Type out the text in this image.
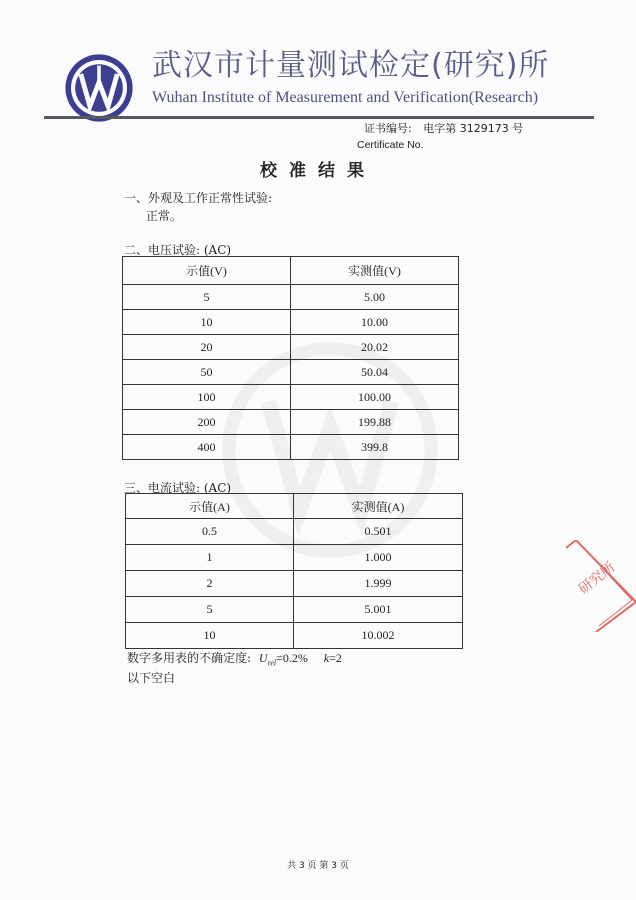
武汉市计量测试检定(研究)所
Wuhan Institute of Measurement and Verification(Research)
证书编号: 电字第 3129173 号
Certificate No.
校准结果
一、外观及工作正常性试验:
正常。
二、电压试验: (AC)
示值(V)	实测值(V)
5	5.00
10	10.00
20	20.02
50	50.04
100	100.00
200	199.88
400	399.8
三、电流试验: (AC)
示值(A)	实测值(A)
0.5	0.501
1	1.000
2	1.999
5	5.001
10	10.002
数字多用表的不确定度: $U_{rel}=0.2\%$ k=2
以下空白
研究所
共 3 页 第 3 页
